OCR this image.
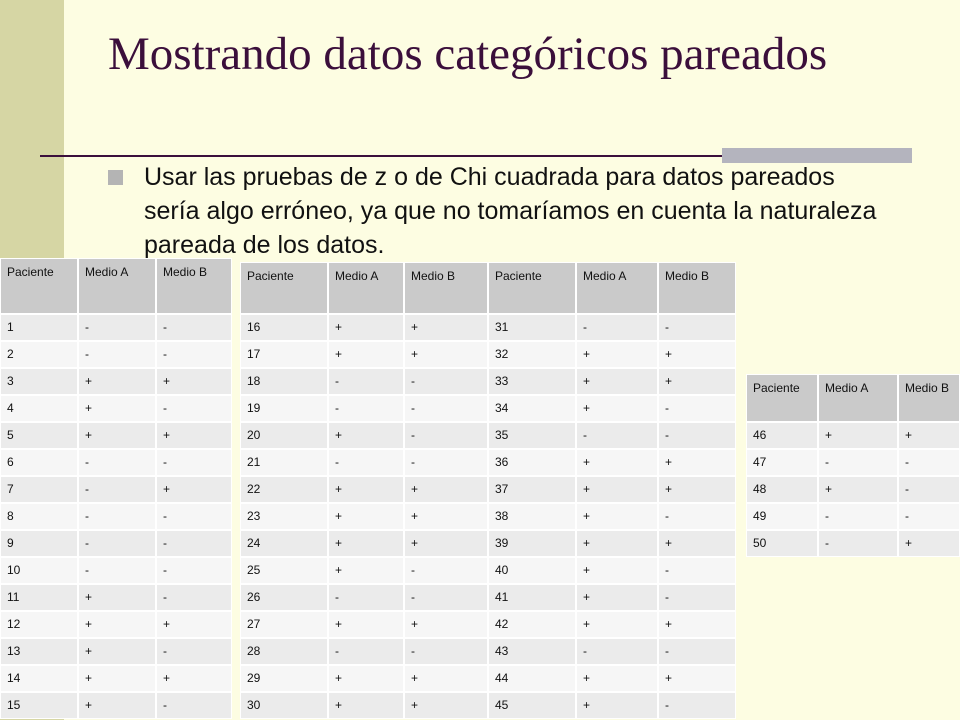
Mostrando datos categóricos pareados

Usar las pruebas de z o de Chi cuadrada para datos pareados sería algo erróneo, ya que no tomaríamos en cuenta la naturaleza pareada de los datos.

Paciente	Medio A	Medio B
1	-	-
2	-	-
3	+	+
4	+	-
5	+	+
6	-	-
7	-	+
8	-	-
9	-	-
10	-	-
11	+	-
12	+	+
13	+	-
14	+	+
15	+	-
Paciente	Medio A	Medio B	Paciente	Medio A	Medio B
16	+	+	31	-	-
17	+	+	32	+	+
18	-	-	33	+	+
19	-	-	34	+	-
20	+	-	35	-	-
21	-	-	36	+	+
22	+	+	37	+	+
23	+	+	38	+	-
24	+	+	39	+	+
25	+	-	40	+	-
26	-	-	41	+	-
27	+	+	42	+	+
28	-	-	43	-	-
29	+	+	44	+	+
30	+	+	45	+	-
Paciente	Medio A	Medio B
46	+	+
47	-	-
48	+	-
49	-	-
50	-	+
